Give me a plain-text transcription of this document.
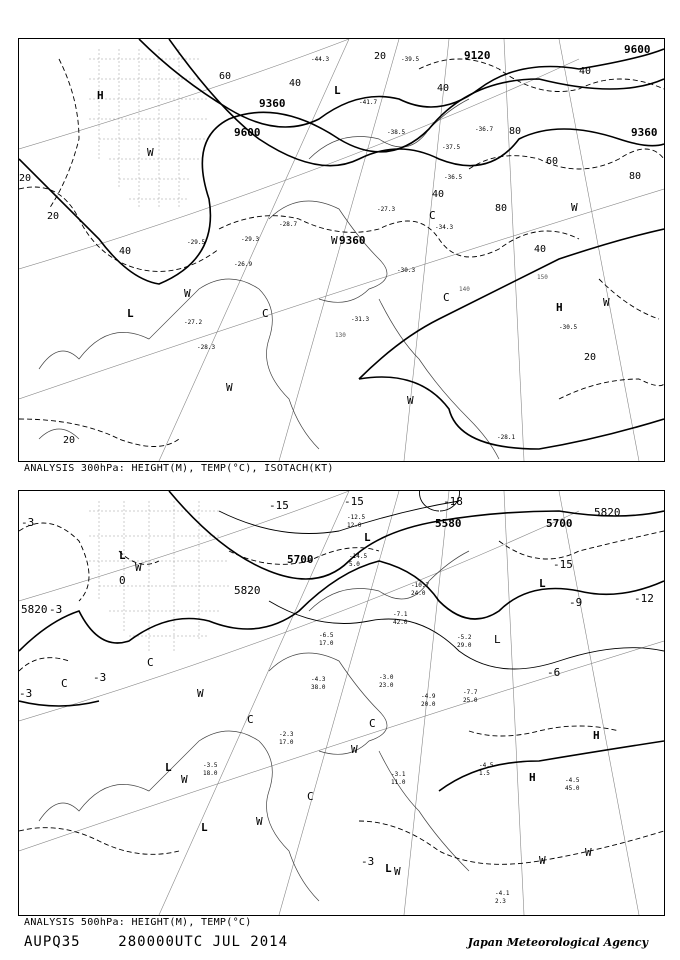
9600
9360
9120
9600	9360
9360
20
40
60
80
40
40
60
80
40
20
20
20
20
40
40
80
H	L
L
W
W
W
W
C
C
H	W
C
W
W
-44.3	-39.5
-41.7
-38.5
-37.5
-36.7
-34.3
-27.3
-28.7
-29.3
-30.3
-31.3
-28.1
-30.5
-26.9
-27.2
-28.3
-29.5
-36.5
130
140
150
ANALYSIS 300hPa: HEIGHT(M), TEMP(°C), ISOTACH(KT)
5580	5700
5820
5820
5820
5700
-15	-15	-18
-15
-12
-9
-6
-3
-3
0
-3
-3
-3
L
W
C
L
C
W
L
W
W
C
C
L
L
H
H
W
W
W
L
L
W
C
-12.5
12.0
-14.5
5.0
-10.7
24.0
-7.1
42.0
-6.5
17.0
-5.2
29.0
-4.3
38.0
-3.0
23.0
-4.9
20.0
-7.7
25.0
-3.1
11.0
-4.5
1.5
-4.5
45.0
-4.1
2.3
-3.5
18.0
-2.3
17.0
ANALYSIS 500hPa: HEIGHT(M), TEMP(°C)
AUPQ35	280000UTC JUL 2014	Japan Meteorological Agency
